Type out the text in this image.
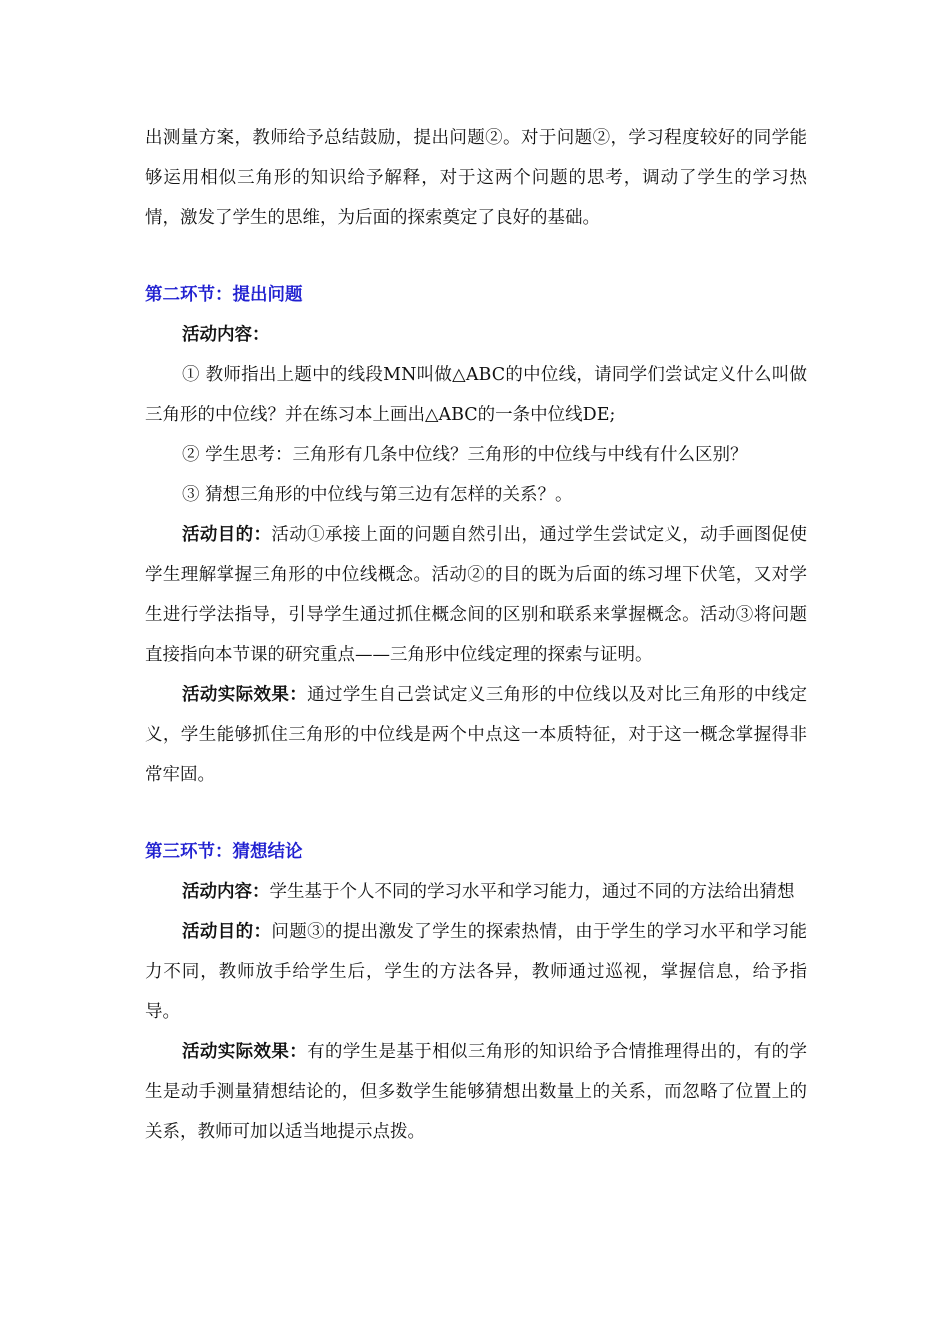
出测量方案，教师给予总结鼓励，提出问题②。对于问题②，学习程度较好的同学能够运用相似三角形的知识给予解释，对于这两个问题的思考，调动了学生的学习热情，激发了学生的思维，为后面的探索奠定了良好的基础。

第二环节：提出问题

活动内容：

① 教师指出上题中的线段MN叫做△ABC的中位线，请同学们尝试定义什么叫做三角形的中位线？并在练习本上画出△ABC的一条中位线DE;

② 学生思考：三角形有几条中位线？三角形的中位线与中线有什么区别？

③ 猜想三角形的中位线与第三边有怎样的关系？。

活动目的：活动①承接上面的问题自然引出，通过学生尝试定义，动手画图促使学生理解掌握三角形的中位线概念。活动②的目的既为后面的练习埋下伏笔，又对学生进行学法指导，引导学生通过抓住概念间的区别和联系来掌握概念。活动③将问题直接指向本节课的研究重点——三角形中位线定理的探索与证明。

活动实际效果：通过学生自己尝试定义三角形的中位线以及对比三角形的中线定义，学生能够抓住三角形的中位线是两个中点这一本质特征，对于这一概念掌握得非常牢固。

第三环节：猜想结论

活动内容：学生基于个人不同的学习水平和学习能力，通过不同的方法给出猜想

活动目的：问题③的提出激发了学生的探索热情，由于学生的学习水平和学习能力不同，教师放手给学生后，学生的方法各异，教师通过巡视，掌握信息，给予指导。

活动实际效果：有的学生是基于相似三角形的知识给予合情推理得出的，有的学生是动手测量猜想结论的，但多数学生能够猜想出数量上的关系，而忽略了位置上的关系，教师可加以适当地提示点拨。
